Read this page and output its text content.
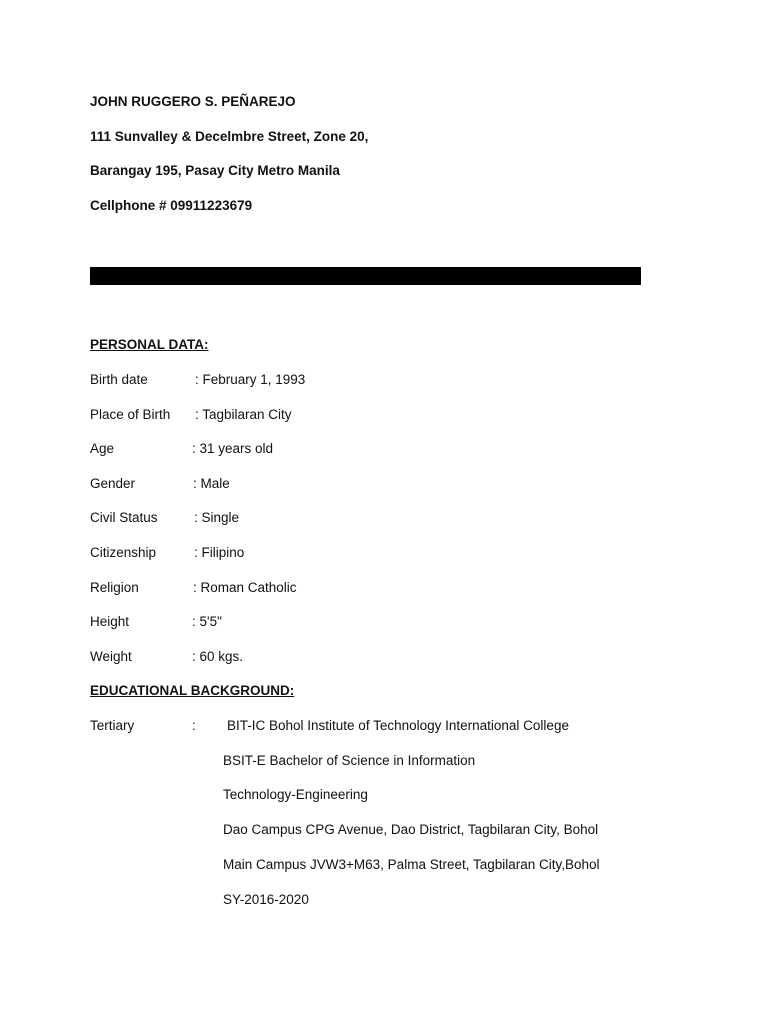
JOHN RUGGERO S. PEÑAREJO
111 Sunvalley & Decelmbre Street, Zone 20,
Barangay 195, Pasay City Metro Manila
Cellphone # 09911223679
PERSONAL DATA:
Birth date	: February 1, 1993
Place of Birth : Tagbilaran City
Age	: 31 years old
Gender	: Male
Civil Status	: Single
Citizenship	: Filipino
Religion	: Roman Catholic
Height	: 5'5"
Weight	: 60 kgs.
EDUCATIONAL BACKGROUND:
Tertiary	: BIT-IC Bohol Institute of Technology International College
BSIT-E Bachelor of Science in Information
Technology-Engineering
Dao Campus CPG Avenue, Dao District, Tagbilaran City, Bohol
Main Campus JVW3+M63, Palma Street, Tagbilaran City,Bohol
SY-2016-2020
